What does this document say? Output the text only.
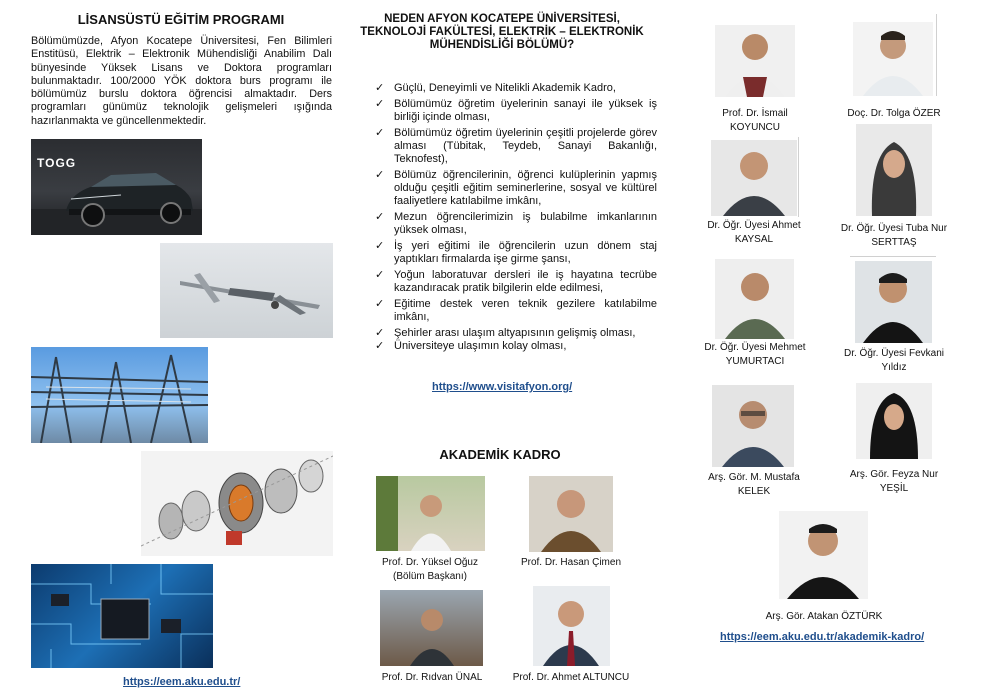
LİSANSÜSTÜ EĞİTİM PROGRAMI
Bölümümüzde, Afyon Kocatepe Üniversitesi, Fen Bilimleri Enstitüsü, Elektrik – Elektronik Mühendisliği Anabilim Dalı bünyesinde Yüksek Lisans ve Doktora programları bulunmaktadır. 100/2000 YÖK doktora burs programı ile bölümümüz burslu doktora öğrencisi almaktadır. Ders programları günümüz teknolojik gelişmeleri ışığında hazırlanmakta ve güncellenmektedir.
TOGG
https://eem.aku.edu.tr/
NEDEN AFYON KOCATEPE ÜNİVERSİTESİ, TEKNOLOJİ FAKÜLTESİ, ELEKTRİK – ELEKTRONİK MÜHENDİSLİĞİ BÖLÜMÜ?
✓ Güçlü, Deneyimli ve Nitelikli Akademik Kadro,
✓ Bölümümüz öğretim üyelerinin sanayi ile yüksek iş birliği içinde olması,
✓ Bölümümüz öğretim üyelerinin çeşitli projelerde görev alması (Tübitak, Teydeb, Sanayi Bakanlığı, Teknofest),
✓ Bölümüz öğrencilerinin, öğrenci kulüplerinin yapmış olduğu çeşitli eğitim seminerlerine, sosyal ve kültürel faaliyetlere katılabilme imkânı,
✓ Mezun öğrencilerimizin iş bulabilme imkanlarının yüksek olması,
✓ İş yeri eğitimi ile öğrencilerin uzun dönem staj yaptıkları firmalarda işe girme şansı,
✓ Yoğun laboratuvar dersleri ile iş hayatına tecrübe kazandıracak pratik bilgilerin elde edilmesi,
✓ Eğitime destek veren teknik gezilere katılabilme imkânı,
✓ Şehirler arası ulaşım altyapısının gelişmiş olması,
✓ Üniversiteye ulaşımın kolay olması,
https://www.visitafyon.org/
AKADEMİK KADRO
Prof. Dr. Yüksel Oğuz
(Bölüm Başkanı)
Prof. Dr. Hasan Çimen
Prof. Dr. Rıdvan ÜNAL	Prof. Dr. Ahmet ALTUNCU
Prof. Dr. İsmail
KOYUNCU
Doç. Dr. Tolga ÖZER
Dr. Öğr. Üyesi Ahmet
KAYSAL
Dr. Öğr. Üyesi Tuba Nur
SERTTAŞ
Dr. Öğr. Üyesi Mehmet
YUMURTACI
Dr. Öğr. Üyesi Fevkani
Yıldız
Arş. Gör. M. Mustafa
KELEK
Arş. Gör. Feyza Nur
YEŞİL
Arş. Gör. Atakan ÖZTÜRK
https://eem.aku.edu.tr/akademik-kadro/
